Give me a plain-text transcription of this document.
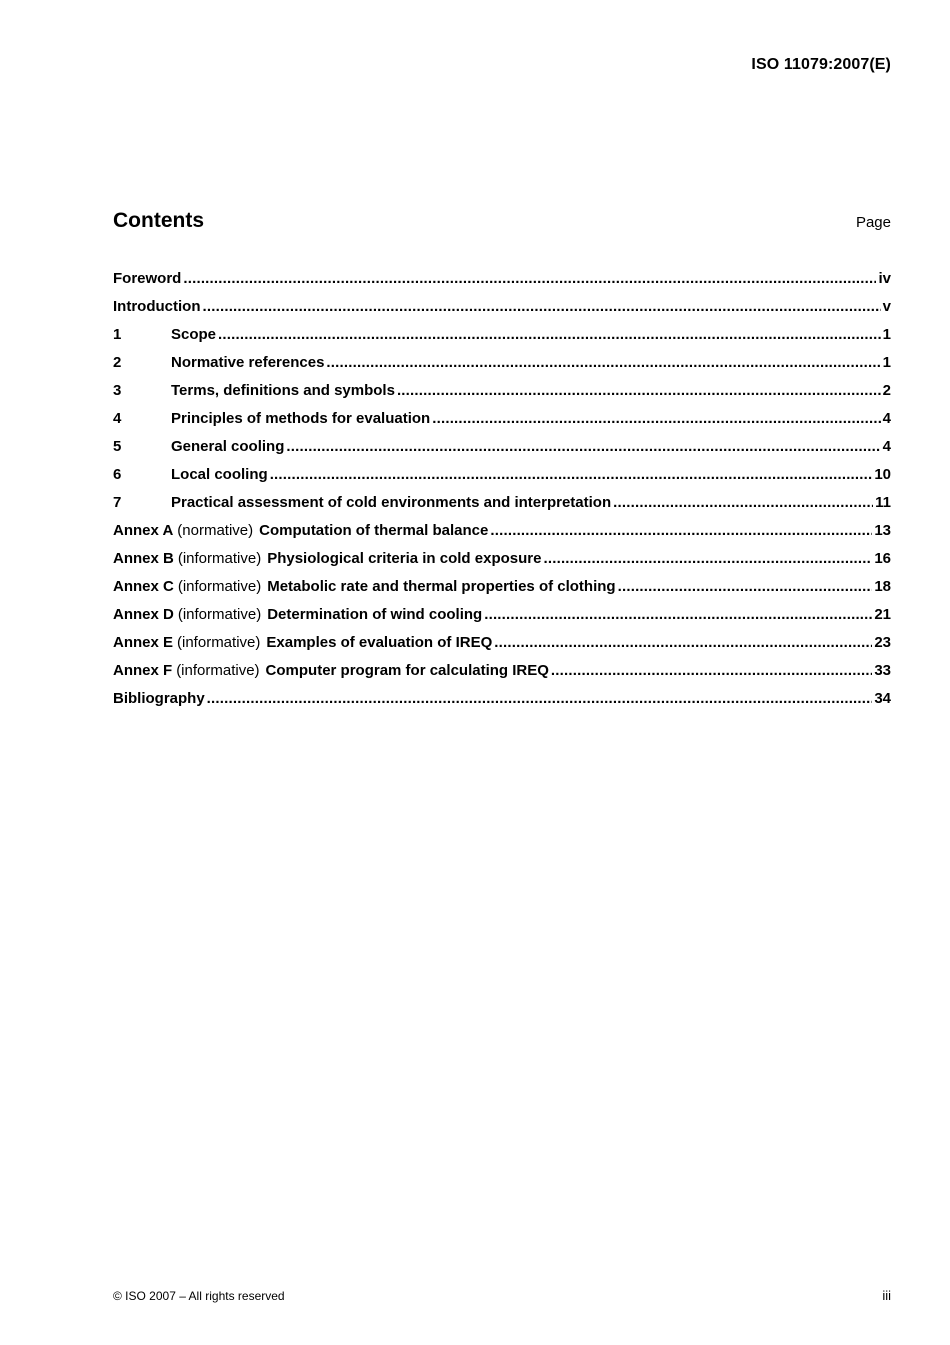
ISO 11079:2007(E)
Contents	Page
Foreword .....	iv
Introduction .....	v
1	Scope .....	1
2	Normative references .....	1
3	Terms, definitions and symbols .....	2
4	Principles of methods for evaluation .....	4
5	General cooling .....	4
6	Local cooling .....	10
7	Practical assessment of cold environments and interpretation .....	11
Annex A (normative) Computation of thermal balance .....	13
Annex B (informative) Physiological criteria in cold exposure .....	16
Annex C (informative) Metabolic rate and thermal properties of clothing .....	18
Annex D (informative) Determination of wind cooling .....	21
Annex E (informative) Examples of evaluation of IREQ .....	23
Annex F (informative) Computer program for calculating IREQ .....	33
Bibliography .....	34
© ISO 2007 – All rights reserved	iii
